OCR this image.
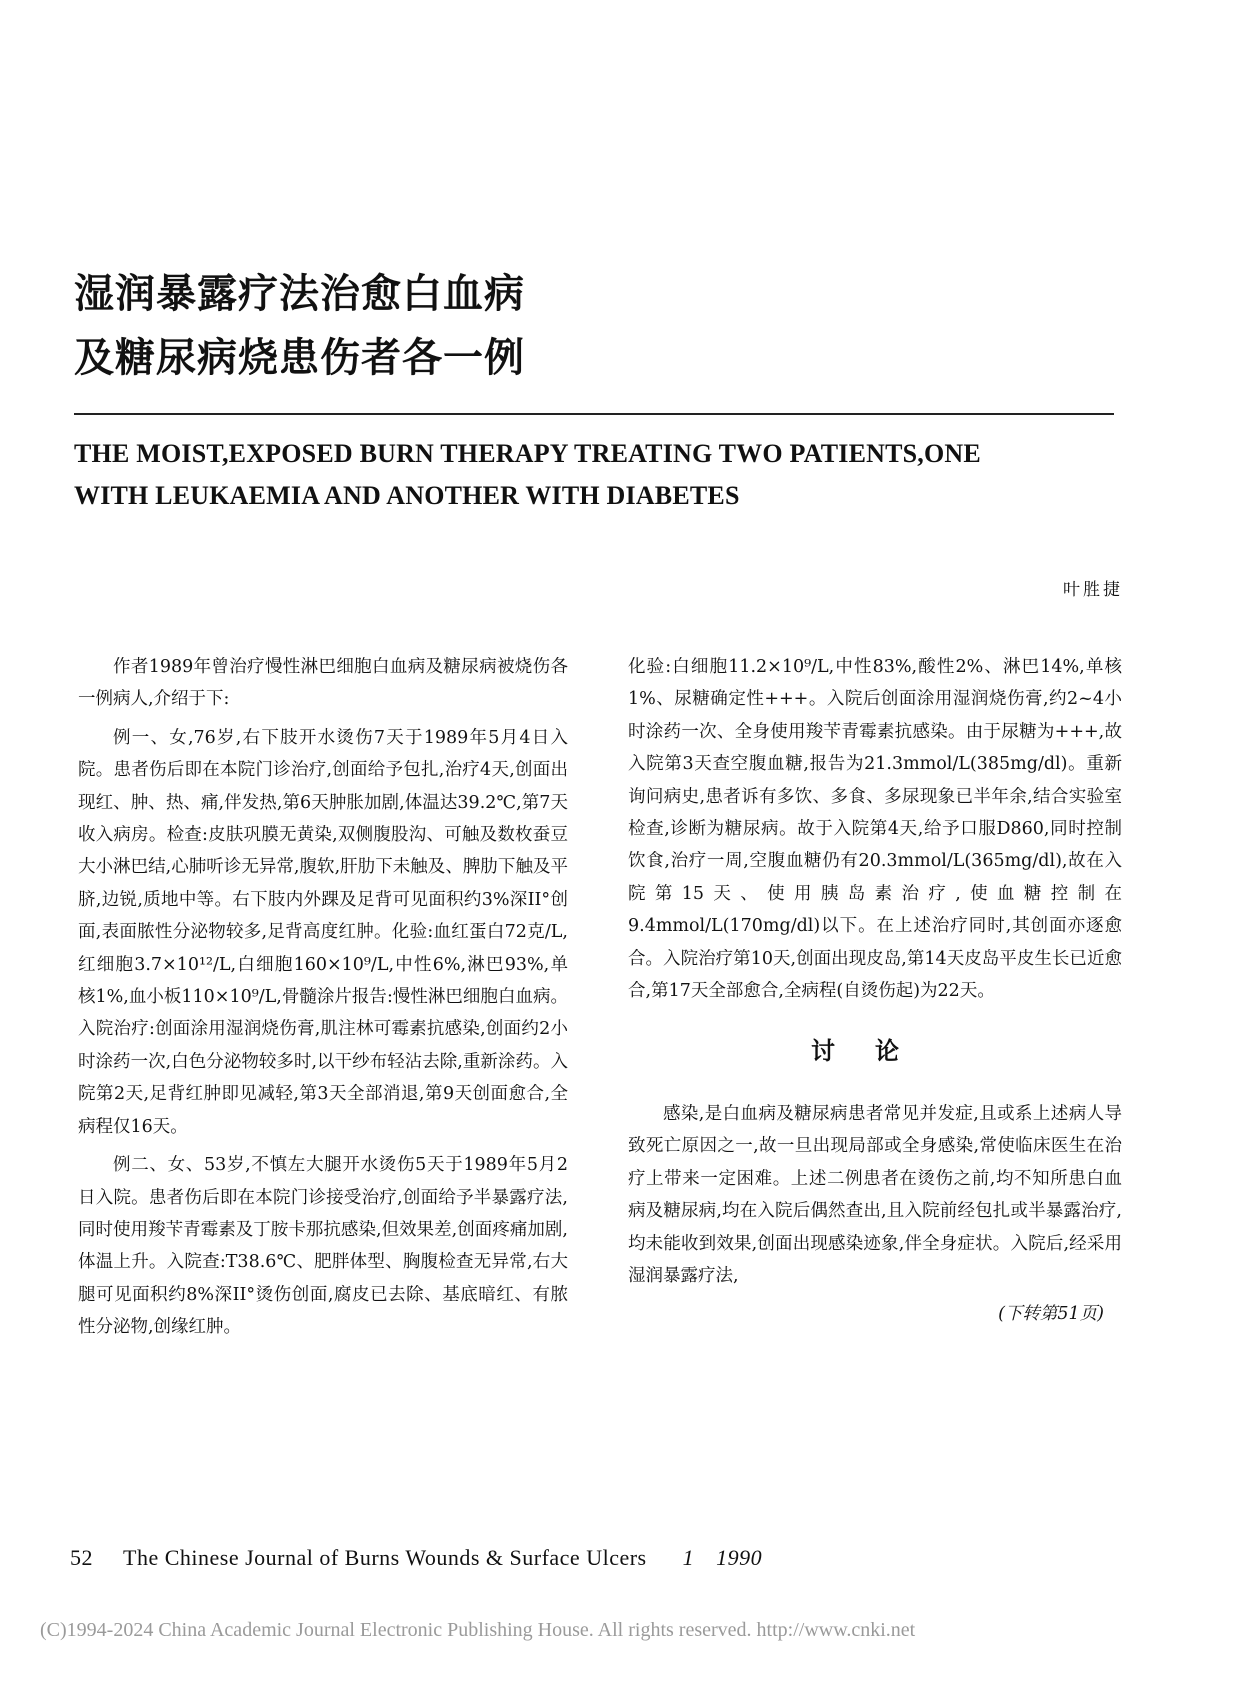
湿润暴露疗法治愈白血病
及糖尿病烧患伤者各一例
THE MOIST,EXPOSED BURN THERAPY TREATING TWO PATIENTS,ONE
WITH LEUKAEMIA AND ANOTHER WITH DIABETES
叶胜捷

作者1989年曾治疗慢性淋巴细胞白血病及糖尿病被烧伤各一例病人,介绍于下:

例一、女,76岁,右下肢开水烫伤7天于1989年5月4日入院。患者伤后即在本院门诊治疗,创面给予包扎,治疗4天,创面出现红、肿、热、痛,伴发热,第6天肿胀加剧,体温达39.2℃,第7天收入病房。检查:皮肤巩膜无黄染,双侧腹股沟、可触及数枚蚕豆大小淋巴结,心肺听诊无异常,腹软,肝肋下未触及、脾肋下触及平脐,边锐,质地中等。右下肢内外踝及足背可见面积约3%深II°创面,表面脓性分泌物较多,足背高度红肿。化验:血红蛋白72克/L,红细胞3.7×10¹²/L,白细胞160×10⁹/L,中性6%,淋巴93%,单核1%,血小板110×10⁹/L,骨髓涂片报告:慢性淋巴细胞白血病。入院治疗:创面涂用湿润烧伤膏,肌注林可霉素抗感染,创面约2小时涂药一次,白色分泌物较多时,以干纱布轻沾去除,重新涂药。入院第2天,足背红肿即见减轻,第3天全部消退,第9天创面愈合,全病程仅16天。

例二、女、53岁,不慎左大腿开水烫伤5天于1989年5月2日入院。患者伤后即在本院门诊接受治疗,创面给予半暴露疗法,同时使用羧苄青霉素及丁胺卡那抗感染,但效果差,创面疼痛加剧,体温上升。入院查:T38.6℃、肥胖体型、胸腹检查无异常,右大腿可见面积约8%深II°烫伤创面,腐皮已去除、基底暗红、有脓性分泌物,创缘红肿。

化验:白细胞11.2×10⁹/L,中性83%,酸性2%、淋巴14%,单核1%、尿糖确定性+++。入院后创面涂用湿润烧伤膏,约2~4小时涂药一次、全身使用羧苄青霉素抗感染。由于尿糖为+++,故入院第3天查空腹血糖,报告为21.3mmol/L(385mg/dl)。重新询问病史,患者诉有多饮、多食、多尿现象已半年余,结合实验室检查,诊断为糖尿病。故于入院第4天,给予口服D860,同时控制饮食,治疗一周,空腹血糖仍有20.3mmol/L(365mg/dl),故在入院第15天、使用胰岛素治疗,使血糖控制在9.4mmol/L(170mg/dl)以下。在上述治疗同时,其创面亦逐愈合。入院治疗第10天,创面出现皮岛,第14天皮岛平皮生长已近愈合,第17天全部愈合,全病程(自烫伤起)为22天。

讨论

感染,是白血病及糖尿病患者常见并发症,且或系上述病人导致死亡原因之一,故一旦出现局部或全身感染,常使临床医生在治疗上带来一定困难。上述二例患者在烫伤之前,均不知所患白血病及糖尿病,均在入院后偶然查出,且入院前经包扎或半暴露治疗,均未能收到效果,创面出现感染迹象,伴全身症状。入院后,经采用湿润暴露疗法,

(下转第51页)

52 The Chinese Journal of Burns Wounds & Surface Ulcers 1 1990
(C)1994-2024 China Academic Journal Electronic Publishing House. All rights reserved. http://www.cnki.net
